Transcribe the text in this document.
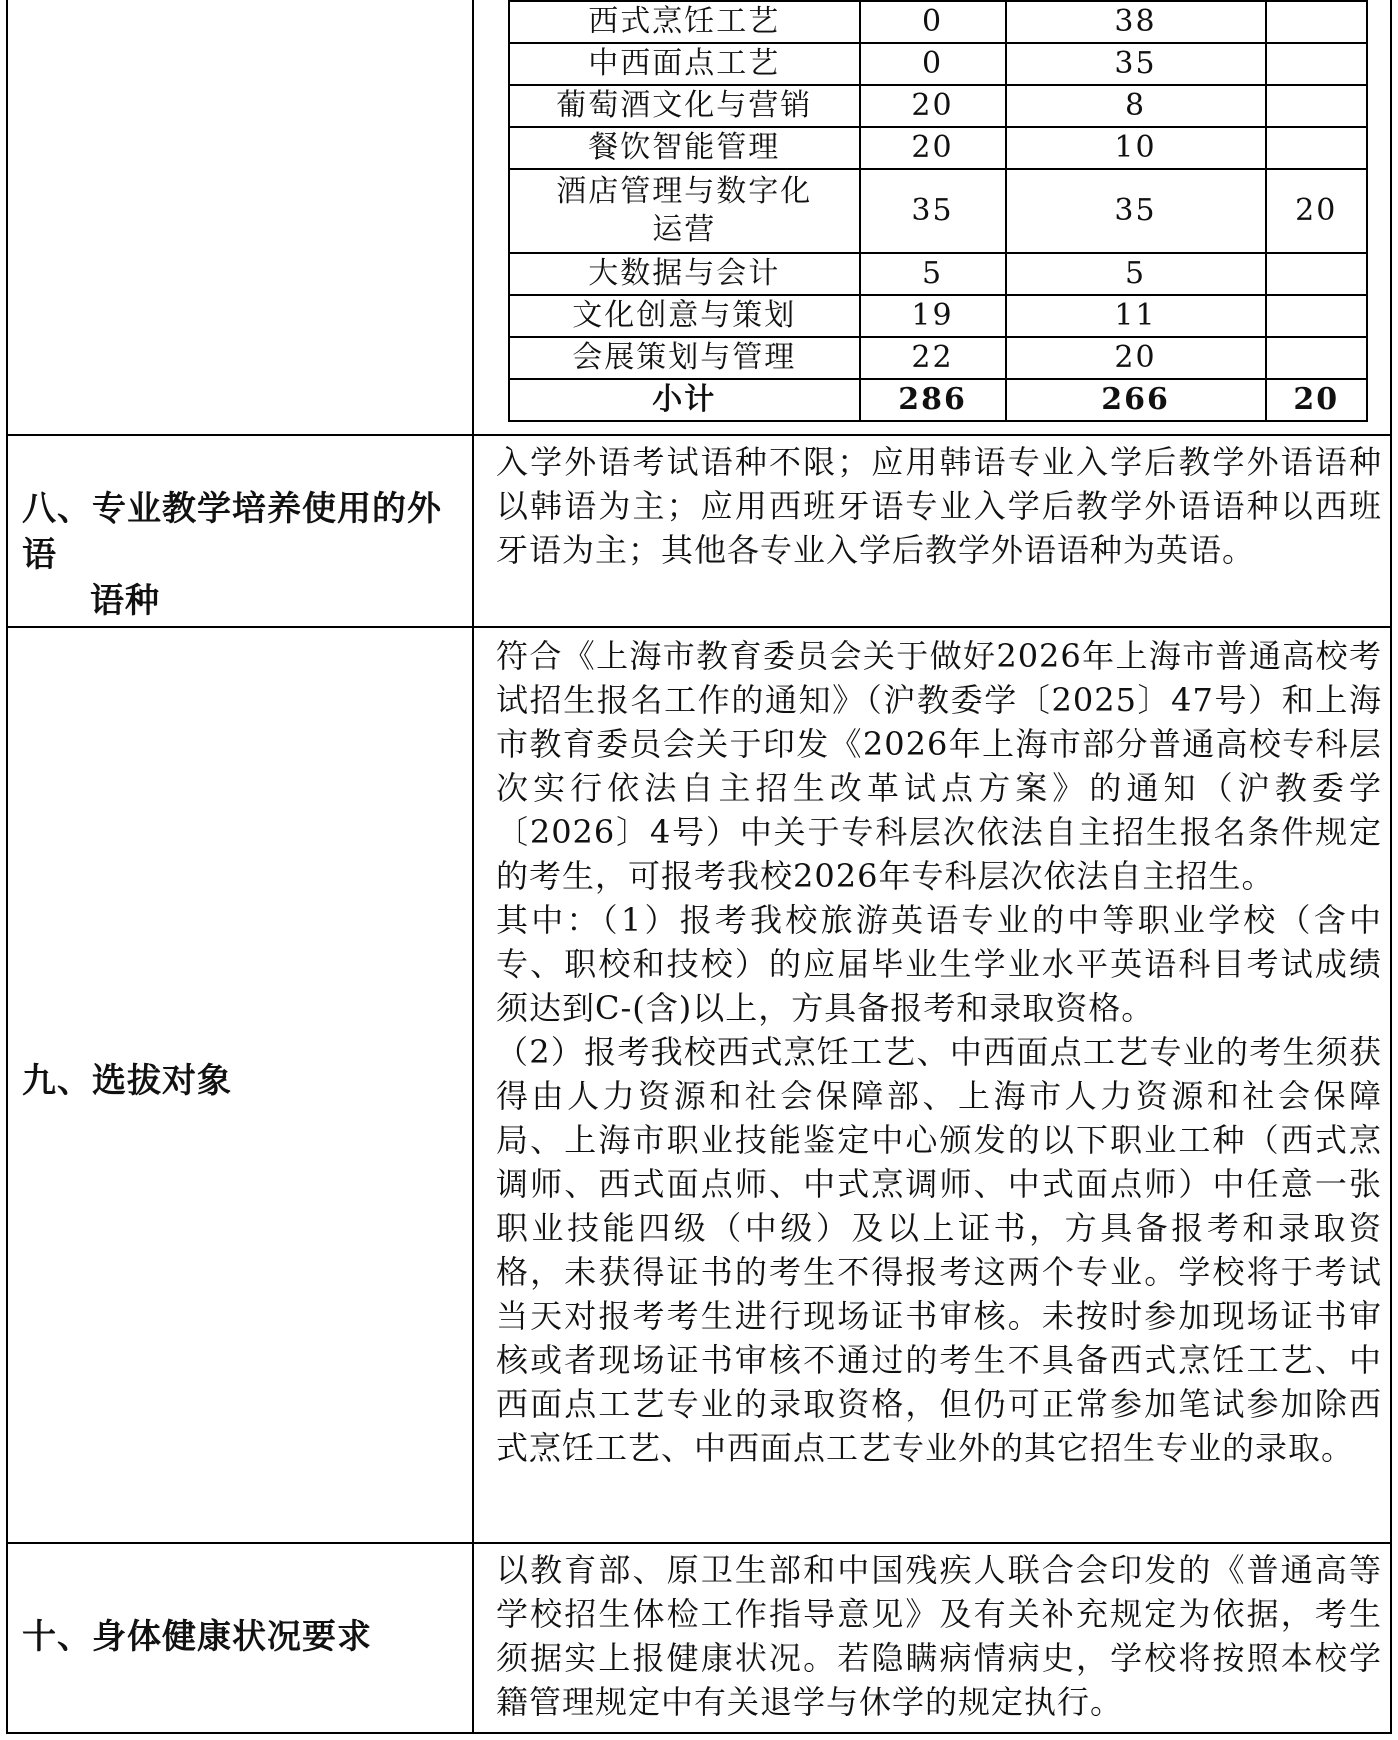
西式烹饪工艺	0	38	
中西面点工艺	0	35	
葡萄酒文化与营销	20	8	
餐饮智能管理	20	10	
酒店管理与数字化运营	35	35	20
大数据与会计	5	5	
文化创意与策划	19	11	
会展策划与管理	22	20	
小计	286	266	20
八、专业教学培养使用的外语
语种

入学外语考试语种不限；应用韩语专业入学后教学外语语种以韩语为主；应用西班牙语专业入学后教学外语语种以西班牙语为主；其他各专业入学后教学外语语种为英语。

九、选拔对象

符合《上海市教育委员会关于做好2026年上海市普通高校考试招生报名工作的通知》（沪教委学〔2025〕47号）和上海市教育委员会关于印发《2026年上海市部分普通高校专科层次实行依法自主招生改革试点方案》的通知（沪教委学〔2026〕4号）中关于专科层次依法自主招生报名条件规定的考生，可报考我校2026年专科层次依法自主招生。

其中：（1）报考我校旅游英语专业的中等职业学校（含中专、职校和技校）的应届毕业生学业水平英语科目考试成绩须达到C-(含)以上，方具备报考和录取资格。

（2）报考我校西式烹饪工艺、中西面点工艺专业的考生须获得由人力资源和社会保障部、上海市人力资源和社会保障局、上海市职业技能鉴定中心颁发的以下职业工种（西式烹调师、西式面点师、中式烹调师、中式面点师）中任意一张职业技能四级（中级）及以上证书，方具备报考和录取资格，未获得证书的考生不得报考这两个专业。学校将于考试当天对报考考生进行现场证书审核。未按时参加现场证书审核或者现场证书审核不通过的考生不具备西式烹饪工艺、中西面点工艺专业的录取资格，但仍可正常参加笔试参加除西式烹饪工艺、中西面点工艺专业外的其它招生专业的录取。

十、身体健康状况要求

以教育部、原卫生部和中国残疾人联合会印发的《普通高等学校招生体检工作指导意见》及有关补充规定为依据，考生须据实上报健康状况。若隐瞒病情病史，学校将按照本校学籍管理规定中有关退学与休学的规定执行。
